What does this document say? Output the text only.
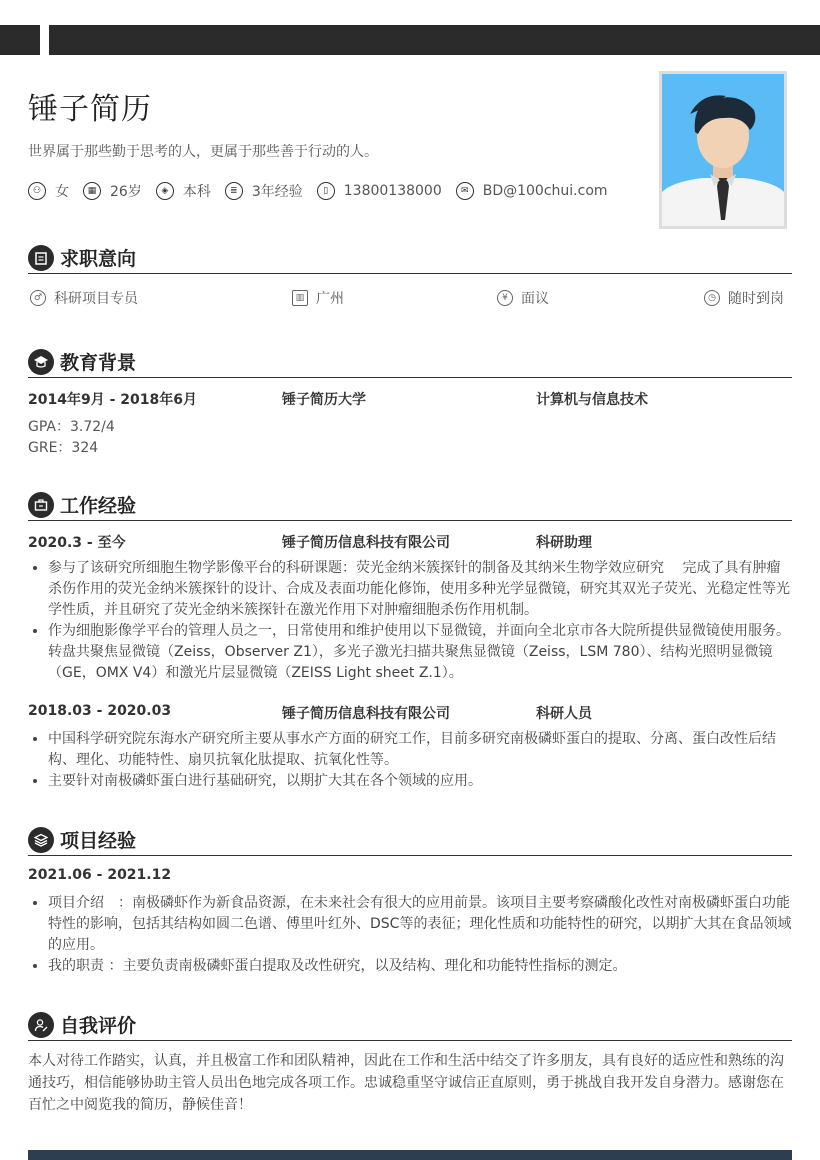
锤子简历
世界属于那些勤于思考的人，更属于那些善于行动的人。
⚇ 女	▦ 26岁	◈	本科	≣	3年经验	▯	13800138000	✉	BD@100chui.com
求职意向
♂ 科研项目专员	▥ 广州	¥ 面议	◷ 随时到岗
教育背景
2014年9月 - 2018年6月	锤子简历大学	计算机与信息技术
GPA：3.72/4
GRE：324
工作经验
2020.3 - 至今	锤子简历信息科技有限公司	科研助理
• 参与了该研究所细胞生物学影像平台的科研课题：荧光金纳米簇探针的制备及其纳米生物学效应研究　 完成了具有肿瘤杀伤作用的荧光金纳米簇探针的设计、合成及表面功能化修饰，使用多种光学显微镜，研究其双光子荧光、光稳定性等光学性质，并且研究了荧光金纳米簇探针在激光作用下对肿瘤细胞杀伤作用机制。
• 作为细胞影像学平台的管理人员之一，日常使用和维护使用以下显微镜，并面向全北京市各大院所提供显微镜使用服务。转盘共聚焦显微镜（Zeiss，Observer Z1），多光子激光扫描共聚焦显微镜（Zeiss，LSM 780）、结构光照明显微镜（GE，OMX V4）和激光片层显微镜（ZEISS Light sheet Z.1）。
2018.03 - 2020.03	锤子简历信息科技有限公司	科研人员
• 中国科学研究院东海水产研究所主要从事水产方面的研究工作，目前多研究南极磷虾蛋白的提取、分离、蛋白改性后结构、理化、功能特性、扇贝抗氧化肽提取、抗氧化性等。
• 主要针对南极磷虾蛋白进行基础研究，以期扩大其在各个领域的应用。
项目经验
2021.06 - 2021.12
• 项目介绍　：南极磷虾作为新食品资源，在未来社会有很大的应用前景。该项目主要考察磷酸化改性对南极磷虾蛋白功能特性的影响，包括其结构如圆二色谱、傅里叶红外、DSC等的表征；理化性质和功能特性的研究，以期扩大其在食品领域的应用。
• 我的职责 ：主要负责南极磷虾蛋白提取及改性研究，以及结构、理化和功能特性指标的测定。
自我评价
本人对待工作踏实，认真，并且极富工作和团队精神，因此在工作和生活中结交了许多朋友，具有良好的适应性和熟练的沟通技巧，相信能够协助主管人员出色地完成各项工作。忠诚稳重坚守诚信正直原则，勇于挑战自我开发自身潜力。感谢您在百忙之中阅览我的简历，静候佳音！
